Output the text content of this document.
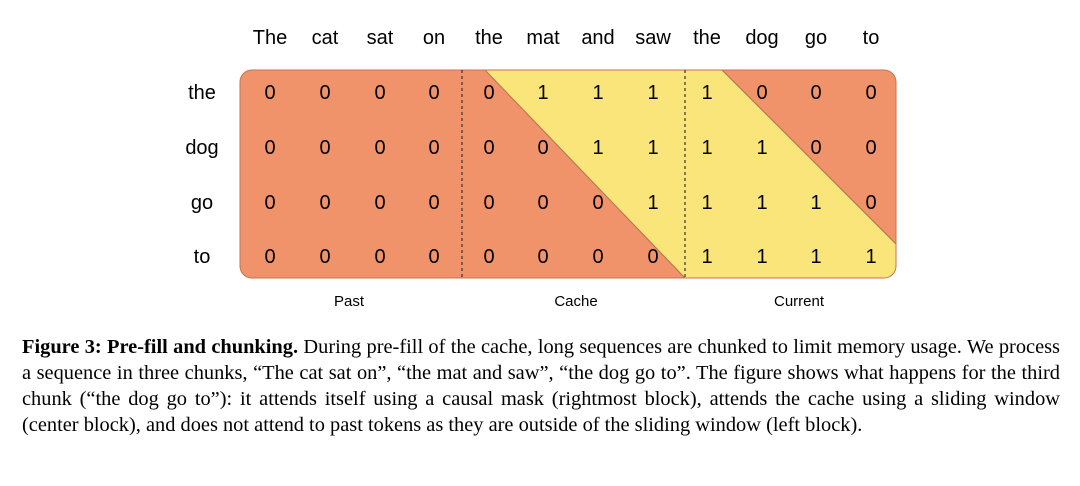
The cat sat on the mat and saw the dog go to
the
dog
go
to
0 0 0 0 0 1 1 1 1 0 0 0
0 0 0 0 0 0 1 1 1 1 0 0
0 0 0 0 0 0 0 1 1 1 1 0
0 0 0 0 0 0 0 0 1 1 1 1
Past	Cache	Current
Figure 3: Pre-fill and chunking. During pre-fill of the cache, long sequences are chunked to limit memory usage. We process a sequence in three chunks, “The cat sat on”, “the mat and saw”, “the dog go to”. The figure shows what happens for the third chunk (“the dog go to”): it attends itself using a causal mask (rightmost block), attends the cache using a sliding window (center block), and does not attend to past tokens as they are outside of the sliding window (left block).
